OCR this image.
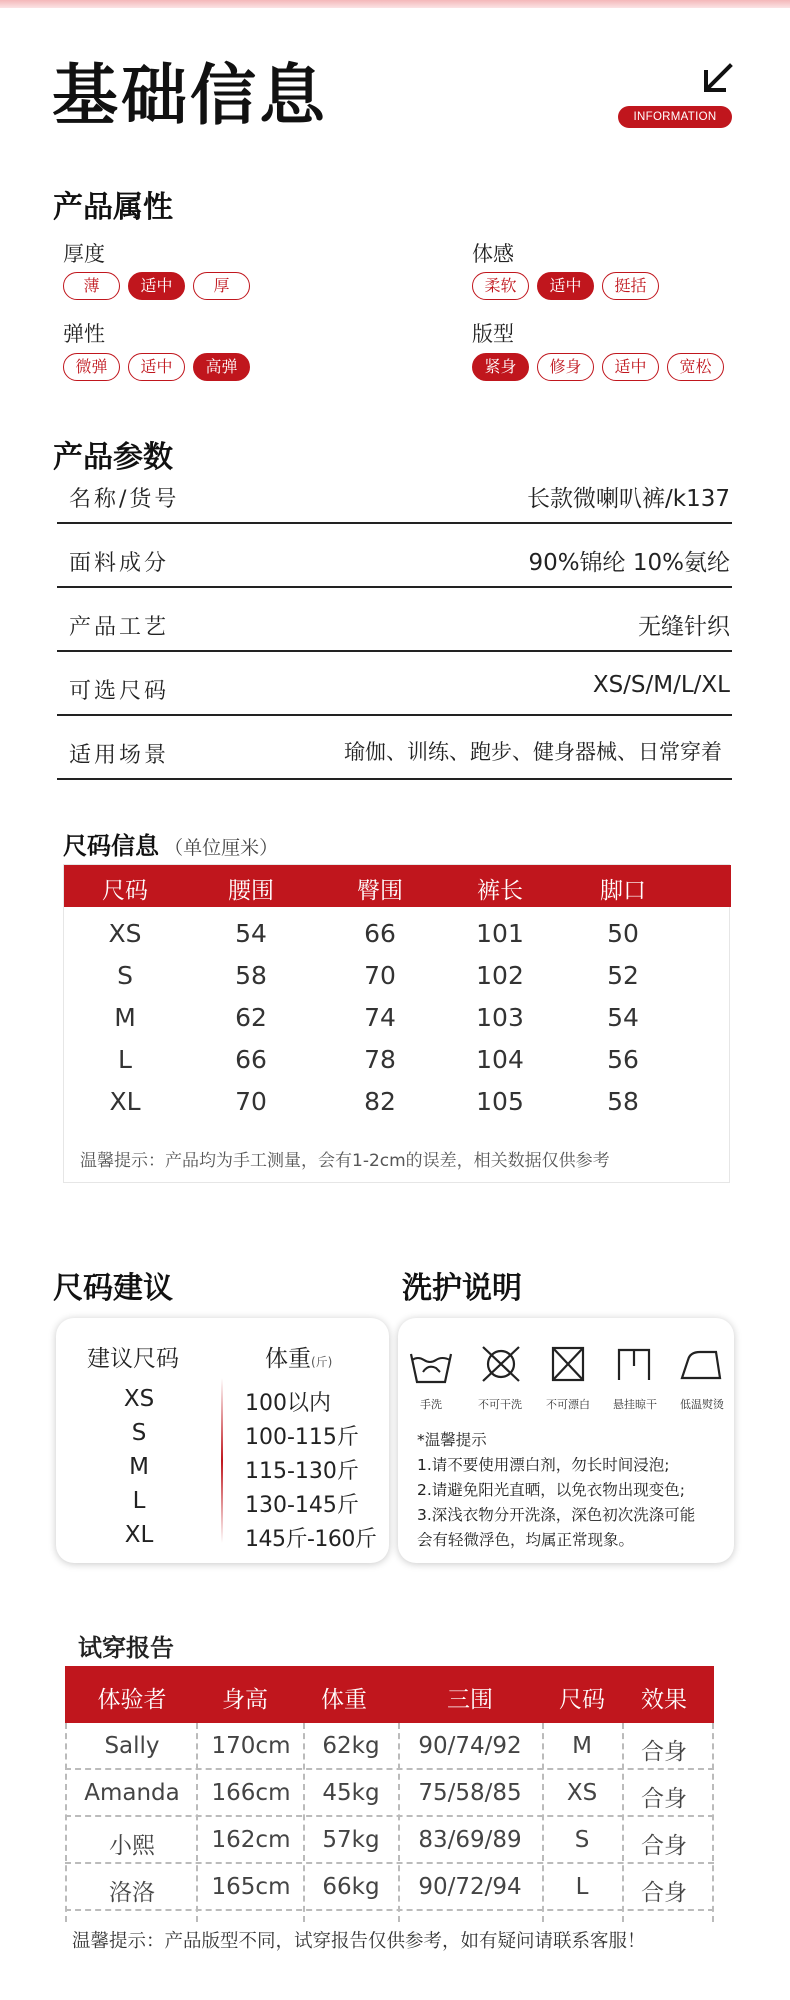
基础信息	INFORMATION
产品属性
厚度
薄	适中	厚
体感
柔软	适中	挺括
弹性
微弹	适中	高弹
版型
紧身	修身	适中	宽松
产品参数
名称/货号	长款微喇叭裤/k137
面料成分	90%锦纶 10%氨纶
产品工艺	无缝针织
可选尺码	XS/S/M/L/XL
适用场景	瑜伽、训练、跑步、健身器械、日常穿着
尺码信息 （单位厘米）
尺码	腰围	臀围	裤长	脚口
XS	54	66	101	50
S	58	70	102	52
M	62	74	103	54
L	66	78	104	56
XL	70	82	105	58
温馨提示：产品均为手工测量，会有1-2cm的误差，相关数据仅供参考
尺码建议	洗护说明
建议尺码	体重(斤)
XS	100以内
S	100-115斤
M	115-130斤
L	130-145斤
XL	145斤-160斤
手洗	不可干洗 不可漂白 悬挂晾干 低温熨烫
*温馨提示
1.请不要使用漂白剂，勿长时间浸泡;
2.请避免阳光直晒，以免衣物出现变色;
3.深浅衣物分开洗涤，深色初次洗涤可能
会有轻微浮色，均属正常现象。
试穿报告
体验者 身高 体重	三围	尺码 效果
Sally 170cm 62kg 90/74/92 M 合身
Amanda 166cm 45kg 75/58/85 XS 合身
小熙 162cm 57kg 83/69/89 S 合身
洛洛 165cm 66kg 90/72/94 L 合身
温馨提示：产品版型不同，试穿报告仅供参考，如有疑问请联系客服！
